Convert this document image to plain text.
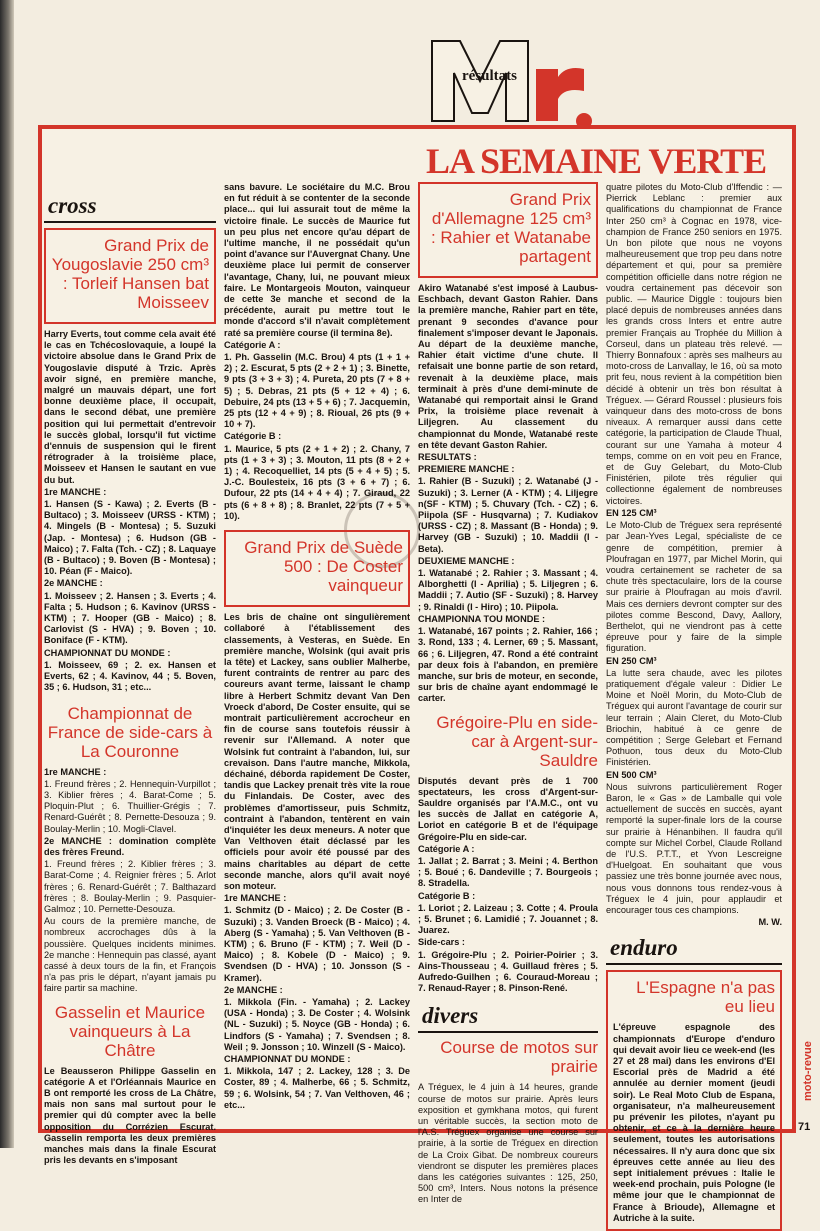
résultats
LA SEMAINE VERTE
cross
Grand Prix de Yougoslavie 250 cm³ : Torleif Hansen bat Moisseev

Harry Everts, tout comme cela avait été le cas en Tchécoslovaquie, a loupé la victoire absolue dans le Grand Prix de Yougoslavie disputé à Trzic. Après avoir signé, en première manche, malgré un mauvais départ, une fort bonne deuxième place, il occupait, dans le second débat, une première position qui lui permettait d'entrevoir le succès global, lorsqu'il fut victime d'ennuis de suspension qui le firent rétrograder à la troisième place, Moisseev et Hansen le sautant en vue du but.

1re MANCHE :

1. Hansen (S - Kawa) ; 2. Everts (B - Bultaco) ; 3. Moisseev (URSS - KTM) ; 4. Mingels (B - Montesa) ; 5. Suzuki (Jap. - Montesa) ; 6. Hudson (GB - Maico) ; 7. Falta (Tch. - CZ) ; 8. Laquaye (B - Bultaco) ; 9. Boven (B - Montesa) ; 10. Péan (F - Maico).

2e MANCHE :

1. Moisseev ; 2. Hansen ; 3. Everts ; 4. Falta ; 5. Hudson ; 6. Kavinov (URSS - KTM) ; 7. Hooper (GB - Maico) ; 8. Carlovist (S - HVA) ; 9. Boven ; 10. Boniface (F - KTM).

CHAMPIONNAT DU MONDE :

1. Moisseev, 69 ; 2. ex. Hansen et Everts, 62 ; 4. Kavinov, 44 ; 5. Boven, 35 ; 6. Hudson, 31 ; etc...

Championnat de France de side-cars à La Couronne

1re MANCHE :

1. Freund frères ; 2. Hennequin-Vurpillot ; 3. Kiblier frères ; 4. Barat-Come ; 5. Ploquin-Plut ; 6. Thuillier-Grégis ; 7. Renard-Guérêt ; 8. Pernette-Desouza ; 9. Boulay-Merlin ; 10. Mogli-Clavel.

2e MANCHE : domination complète des frères Freund.

1. Freund frères ; 2. Kiblier frères ; 3. Barat-Come ; 4. Reignier frères ; 5. Arlot frères ; 6. Renard-Guérêt ; 7. Balthazard frères ; 8. Boulay-Merlin ; 9. Pasquier-Galmoz ; 10. Pernette-Desouza.

Au cours de la première manche, de nombreux accrochages dûs à la poussière. Quelques incidents minimes. 2e manche : Hennequin pas classé, ayant cassé à deux tours de la fin, et François n'a pas pris le départ, n'ayant jamais pu faire partir sa machine.

Gasselin et Maurice vainqueurs à La Châtre

Le Beausseron Philippe Gasselin en catégorie A et l'Orléannais Maurice en B ont remporté les cross de La Châtre, mais non sans mal surtout pour le premier qui dû compter avec la belle opposition du Corrézien Escurat. Gasselin remporta les deux premières manches mais dans la finale Escurat pris les devants en s'imposant

sans bavure. Le sociétaire du M.C. Brou en fut réduit à se contenter de la seconde place... qui lui assurait tout de même la victoire finale. Le succès de Maurice fut un peu plus net encore qu'au départ de l'ultime manche, il ne possédait qu'un point d'avance sur l'Auvergnat Chany. Une deuxième place lui permit de conserver l'avantage, Chany, lui, ne pouvant mieux faire. Le Montargeois Mouton, vainqueur de cette 3e manche et second de la précédente, aurait pu mettre tout le monde d'accord s'il n'avait complètement raté sa première course (il termina 8e).

Catégorie A :

1. Ph. Gasselin (M.C. Brou) 4 pts (1 + 1 + 2) ; 2. Escurat, 5 pts (2 + 2 + 1) ; 3. Binette, 9 pts (3 + 3 + 3) ; 4. Pureta, 20 pts (7 + 8 + 5) ; 5. Debras, 21 pts (5 + 12 + 4) ; 6. Debuire, 24 pts (13 + 5 + 6) ; 7. Jacquemin, 25 pts (12 + 4 + 9) ; 8. Rioual, 26 pts (9 + 10 + 7).

Catégorie B :

1. Maurice, 5 pts (2 + 1 + 2) ; 2. Chany, 7 pts (1 + 3 + 3) ; 3. Mouton, 11 pts (8 + 2 + 1) ; 4. Recoquelliet, 14 pts (5 + 4 + 5) ; 5. J.-C. Boulesteix, 16 pts (3 + 6 + 7) ; 6. Dufour, 22 pts (14 + 4 + 4) ; 7. Giraud, 22 pts (6 + 8 + 8) ; 8. Branlet, 22 pts (7 + 5 + 10).

Grand Prix de Suède 500 : De Coster vainqueur

Les bris de chaîne ont singulièrement collaboré à l'établissement des classements, à Vesteras, en Suède. En première manche, Wolsink (qui avait pris la tête) et Lackey, sans oublier Malherbe, furent contraints de rentrer au parc des coureurs avant terme, laissant le champ libre à Herbert Schmitz devant Van Den Vroeck d'abord, De Coster ensuite, qui se montrait particulièrement accrocheur en fin de course sans toutefois réussir à revenir sur l'Allemand. A noter que Wolsink fut contraint à l'abandon, lui, sur crevaison. Dans l'autre manche, Mikkola, déchainé, déborda rapidement De Coster, tandis que Lackey prenait très vite la roue du Finlandais. De Coster, avec des problèmes d'amortisseur, puis Schmitz, contraint à l'abandon, tentèrent en vain d'inquiéter les deux meneurs. A noter que Van Velthoven était déclassé par les officiels pour avoir été poussé par des mains charitables au départ de cette seconde manche, alors qu'il avait noyé son moteur.

1re MANCHE :

1. Schmitz (D - Maico) ; 2. De Coster (B - Suzuki) ; 3. Vanden Broeck (B - Maico) ; 4. Aberg (S - Yamaha) ; 5. Van Velthoven (B - KTM) ; 6. Bruno (F - KTM) ; 7. Weil (D - Maico) ; 8. Kobele (D - Maico) ; 9. Svendsen (D - HVA) ; 10. Jonsson (S - Kramer).

2e MANCHE :

1. Mikkola (Fin. - Yamaha) ; 2. Lackey (USA - Honda) ; 3. De Coster ; 4. Wolsink (NL - Suzuki) ; 5. Noyce (GB - Honda) ; 6. Lindfors (S - Yamaha) ; 7. Svendsen ; 8. Weil ; 9. Jonsson ; 10. Winzell (S - Maico).

CHAMPIONNAT DU MONDE :

1. Mikkola, 147 ; 2. Lackey, 128 ; 3. De Coster, 89 ; 4. Malherbe, 66 ; 5. Schmitz, 59 ; 6. Wolsink, 54 ; 7. Van Velthoven, 46 ; etc...

Grand Prix d'Allemagne 125 cm³ : Rahier et Watanabe partagent

Akiro Watanabé s'est imposé à Laubus-Eschbach, devant Gaston Rahier. Dans la première manche, Rahier part en tête, prenant 9 secondes d'avance pour finalement s'imposer devant le Japonais. Au départ de la deuxième manche, Rahier était victime d'une chute. Il refaisait une bonne partie de son retard, revenait à la deuxième place, mais terminait à près d'une demi-minute de Watanabé qui remportait ainsi le Grand Prix, la troisième place revenait à Liljegren. Au classement du championnat du Monde, Watanabé reste en tête devant Gaston Rahier.

RESULTATS :

PREMIERE MANCHE :

1. Rahier (B - Suzuki) ; 2. Watanabé (J - Suzuki) ; 3. Lerner (A - KTM) ; 4. Liljegre n(SF - KTM) ; 5. Chuvary (Tch. - CZ) ; 6. Piipola (SF - Husqvarna) ; 7. Kudiakov (URSS - CZ) ; 8. Massant (B - Honda) ; 9. Harvey (GB - Suzuki) ; 10. Maddii (I - Beta).

DEUXIEME MANCHE :

1. Watanabé ; 2. Rahier ; 3. Massant ; 4. Alborghetti (I - Aprilia) ; 5. Liljegren ; 6. Maddii ; 7. Autio (SF - Suzuki) ; 8. Harvey ; 9. Rinaldi (I - Hiro) ; 10. Piipola.

CHAMPIONNA TOU MONDE :

1. Watanabé, 167 points ; 2. Rahier, 166 ; 3. Rond, 133 ; 4. Lerner, 69 ; 5. Massant, 66 ; 6. Liljegren, 47. Rond a été contraint par deux fois à l'abandon, en première manche, sur bris de moteur, en seconde, sur bris de chaîne ayant endommagé le carter.

Grégoire-Plu en side-car à Argent-sur-Sauldre

Disputés devant près de 1 700 spectateurs, les cross d'Argent-sur-Sauldre organisés par l'A.M.C., ont vu les succès de Jallat en catégorie A, Loriot en catégorie B et de l'équipage Grégoire-Plu en side-car.

Catégorie A :

1. Jallat ; 2. Barrat ; 3. Meini ; 4. Berthon ; 5. Boué ; 6. Dandeville ; 7. Bourgeois ; 8. Stradella.

Catégorie B :

1. Loriot ; 2. Laizeau ; 3. Cotte ; 4. Proula ; 5. Brunet ; 6. Lamidié ; 7. Jouannet ; 8. Juarez.

Side-cars :

1. Grégoire-Plu ; 2. Poirier-Poirier ; 3. Ains-Thousseau ; 4. Guillaud frères ; 5. Aufredo-Guilhen ; 6. Couraud-Moreau ; 7. Renaud-Rayer ; 8. Pinson-René.

divers
Course de motos sur prairie

A Tréguex, le 4 juin à 14 heures, grande course de motos sur prairie. Après leurs exposition et gymkhana motos, qui furent un véritable succès, la section moto de l'A.S. Tréguex organise une course sur prairie, à la sortie de Tréguex en direction de La Croix Gibat. De nombreux coureurs viendront se disputer les premières places dans les catégories suivantes : 125, 250, 500 cm³, Inters. Nous notons la présence en Inter de

quatre pilotes du Moto-Club d'Iffendic : — Pierrick Leblanc : premier aux qualifications du championnat de France Inter 250 cm³ à Cognac en 1978, vice-champion de France 250 seniors en 1975. Un bon pilote que nous ne voyons malheureusement que trop peu dans notre département et qui, pour sa première compétition officielle dans notre région ne voudra certainement pas décevoir son public. — Maurice Diggle : toujours bien placé depuis de nombreuses années dans les grands cross Inters et entre autre premier Français au Trophée du Million à Corseul, dans un plateau très relevé. — Thierry Bonnafoux : après ses malheurs au moto-cross de Lanvallay, le 16, où sa moto prit feu, nous revient à la compétition bien décidé à obtenir un très bon résultat à Tréguex. — Gérard Roussel : plusieurs fois vainqueur dans des moto-cross de bons niveaux. A remarquer aussi dans cette catégorie, la participation de Claude Thual, courant sur une Yamaha à moteur 4 temps, comme on en voit peu en France, et de Guy Gelebart, du Moto-Club Finistérien, pilote très régulier qui collectionne également de nombreuses victoires.

EN 125 CM³

Le Moto-Club de Tréguex sera représenté par Jean-Yves Legal, spécialiste de ce genre de compétition, premier à Ploufragan en 1977, par Michel Morin, qui voudra certainement se racheter de sa chute très spectaculaire, lors de la course sur prairie à Ploufragan au mois d'avril. Mais ces derniers devront compter sur des pilotes comme Bescond, Davy, Aallory, Berthelot, qui ne viendront pas à cette épreuve pour y faire de la simple figuration.

EN 250 CM³

La lutte sera chaude, avec les pilotes pratiquement d'égale valeur : Didier Le Moine et Noël Morin, du Moto-Club de Tréguex qui auront l'avantage de courir sur leur terrain ; Alain Cleret, du Moto-Club Briochin, habitué à ce genre de compétition ; Serge Gelebart et Fernand Pothuon, tous deux du Moto-Club Finistérien.

EN 500 CM³

Nous suivrons particulièrement Roger Baron, le « Gas » de Lamballe qui vole actuellement de succès en succès, ayant remporté la super-finale lors de la course sur prairie à Hénanbihen. Il faudra qu'il compte sur Michel Corbel, Claude Rolland de l'U.S. P.T.T., et Yvon Lescreigne d'Huelgoat. En souhaitant que vous passiez une très bonne journée avec nous, nous vous donnons tous rendez-vous à Tréguex le 4 juin, pour applaudir et encourager tous ces champions.

M. W.

enduro
L'Espagne n'a pas eu lieu

L'épreuve espagnole des championnats d'Europe d'enduro qui devait avoir lieu ce week-end (les 27 et 28 mai) dans les environs d'El Escorial près de Madrid a été annulée au dernier moment (jeudi soir). Le Real Moto Club de Espana, organisateur, n'a malheureusement pu prévenir les pilotes, n'ayant pu obtenir, et ce à la dernière heure seulement, toutes les autorisations nécessaires. Il n'y aura donc que six épreuves cette année au lieu des sept initialement prévues : Italie le week-end prochain, puis Pologne (le même jour que le championnat de France à Brioude), Allemagne et Autriche à la suite.

moto-revue
71
